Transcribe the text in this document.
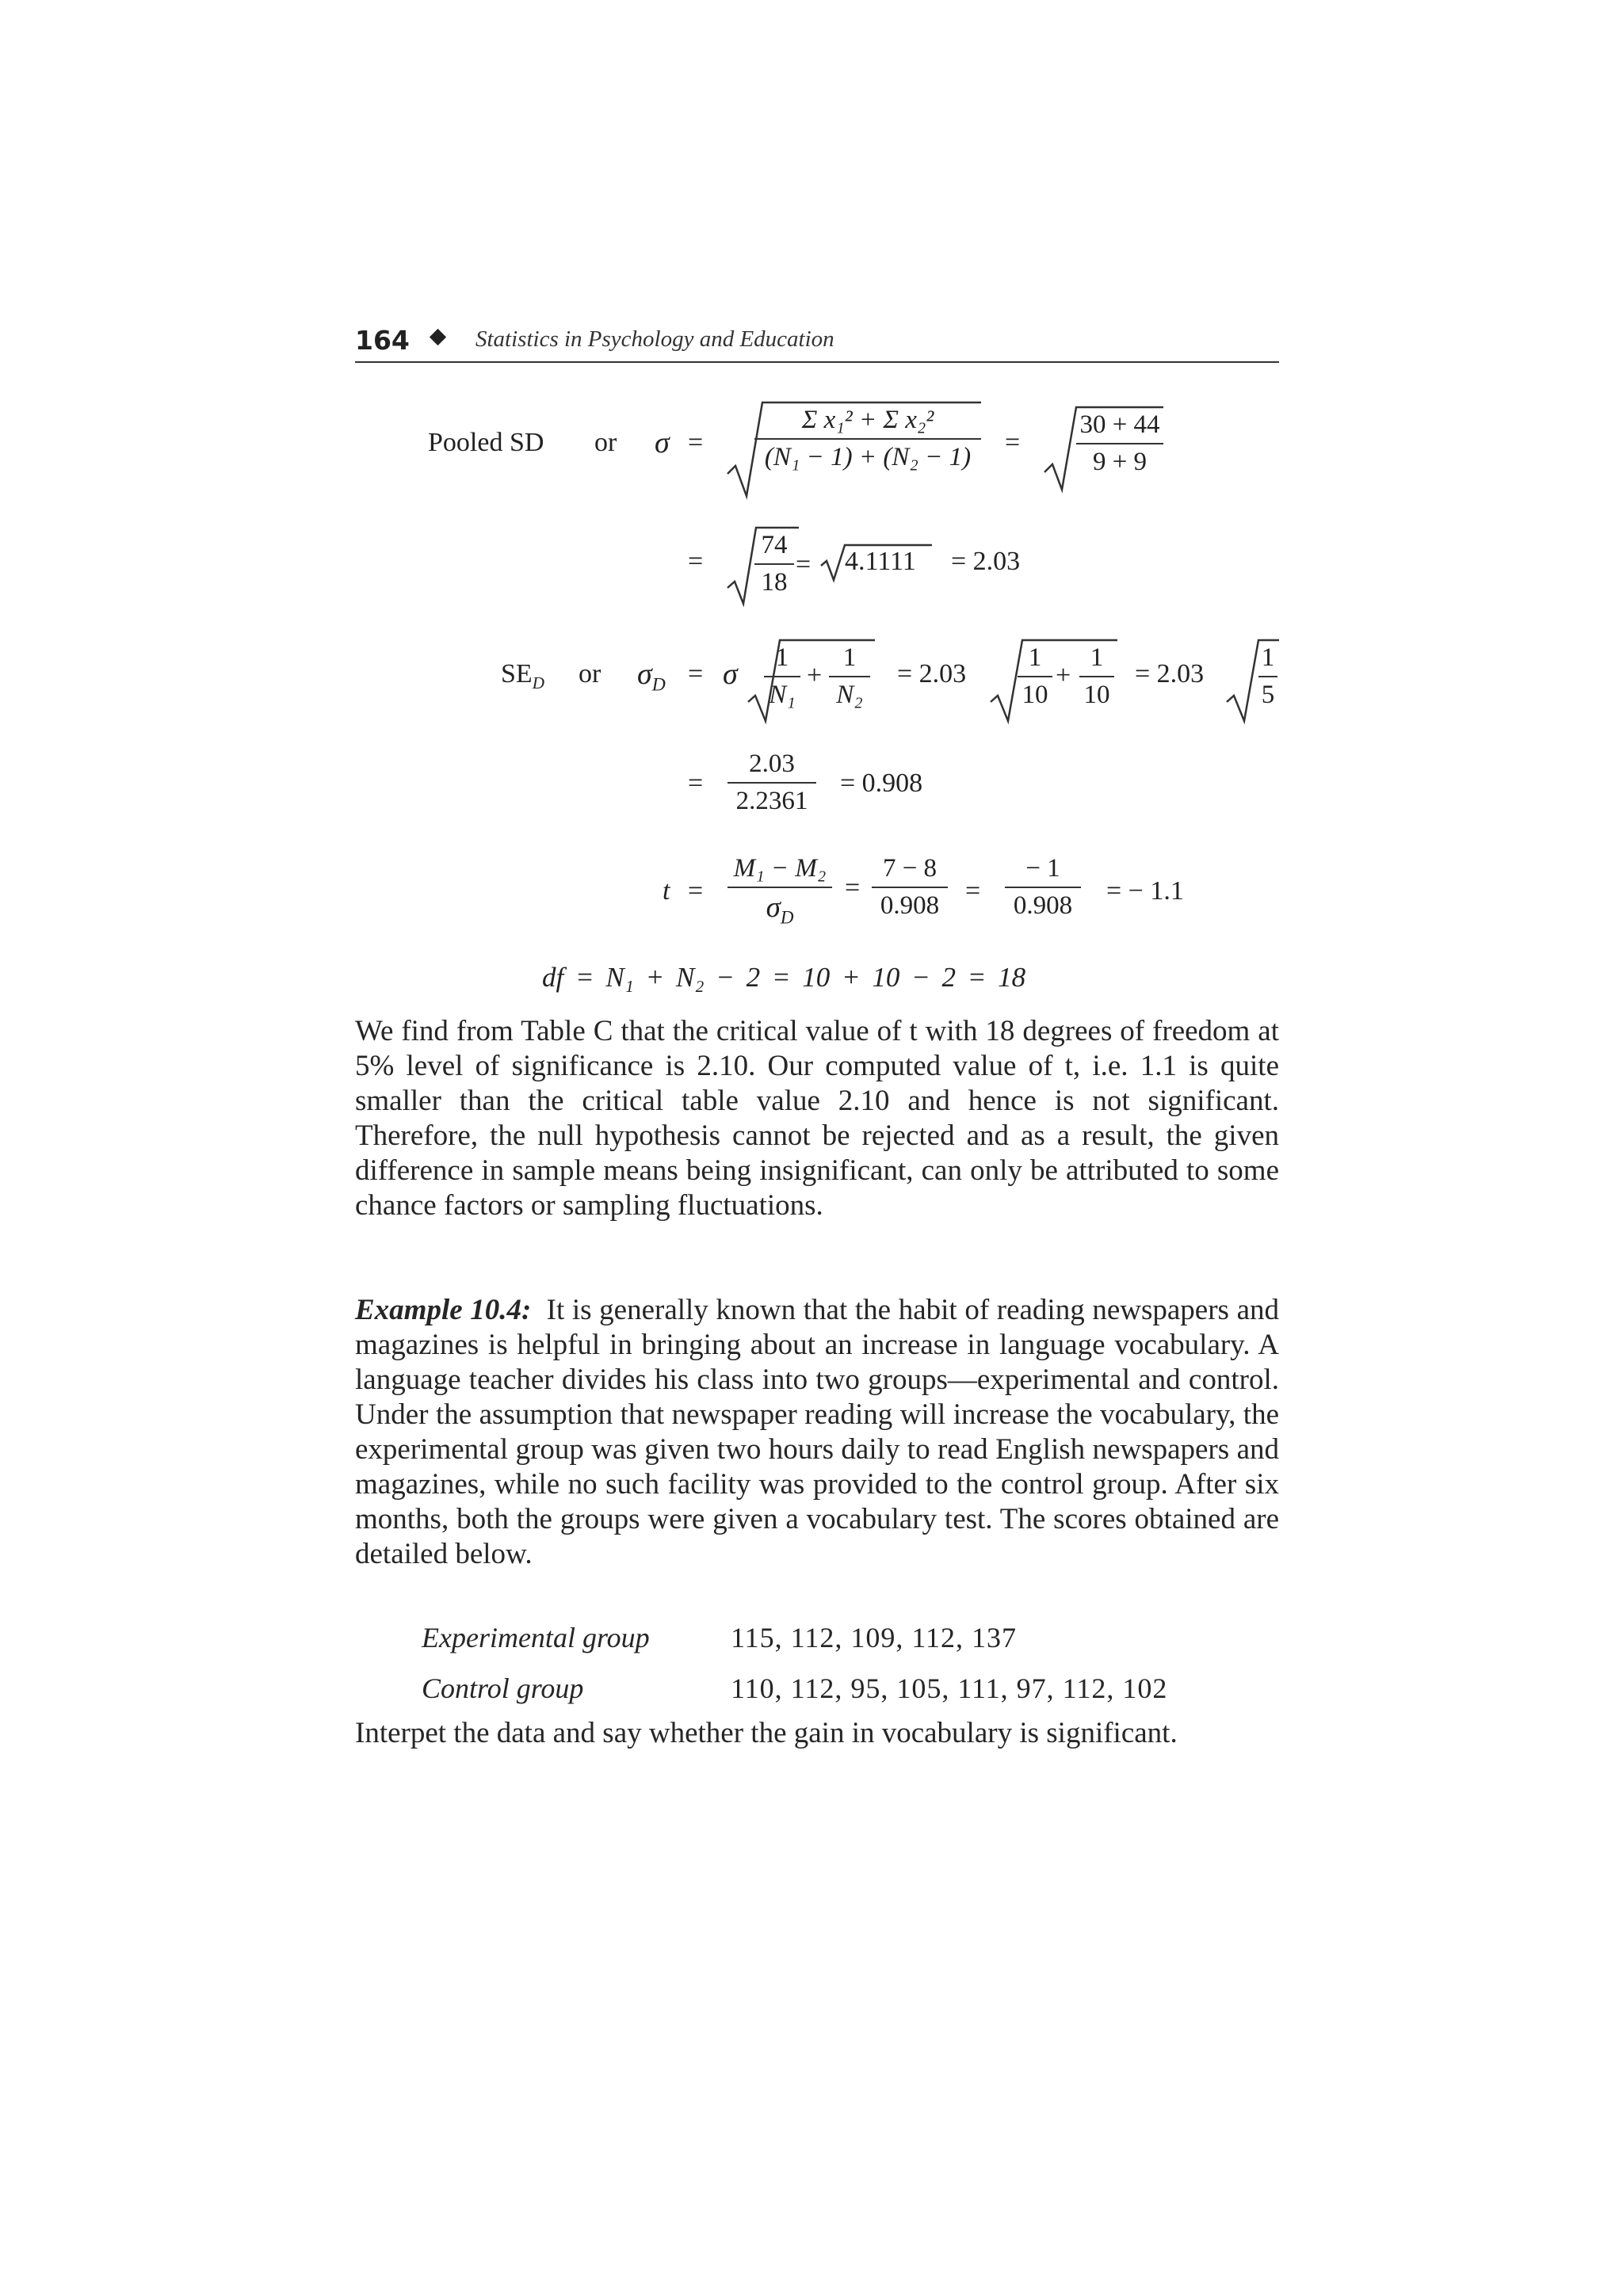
164	Statistics in Psychology and Education
Pooled SD or σ =
Σ x₁² + Σ x₂²
(N₁ − 1) + (N₂ − 1)	=
30 + 44
9 + 9
=
74
18
= 4.1111 = 2.03
$SE_D$ or $\sigma_D = \sigma$	1
N₁
+
1
N₂
= 2.03
1
10
+
1
10
= 2.03
1
5
=
2.03
2.2361
= 0.908
t =
M₁ − M₂
$\sigma_D$
=
7 − 8
0.908 =
− 1
0.908	= − 1.1
df = N₁ + N₂ − 2 = 10 + 10 − 2 = 18

We find from Table C that the critical value of t with 18 degrees of freedom at 5% level of significance is 2.10. Our computed value of t, i.e. 1.1 is quite smaller than the critical table value 2.10 and hence is not significant. Therefore, the null hypothesis cannot be rejected and as a result, the given difference in sample means being insignificant, can only be attributed to some chance factors or sampling fluctuations.

Example 10.4: It is generally known that the habit of reading newspapers and magazines is helpful in bringing about an increase in language vocabulary. A language teacher divides his class into two groups—experimental and control. Under the assumption that newspaper reading will increase the vocabulary, the experimental group was given two hours daily to read English newspapers and magazines, while no such facility was provided to the control group. After six months, both the groups were given a vocabulary test. The scores obtained are detailed below.

Experimental group	115, 112, 109, 112, 137
Control group	110, 112, 95, 105, 111, 97, 112, 102

Interpet the data and say whether the gain in vocabulary is significant.
